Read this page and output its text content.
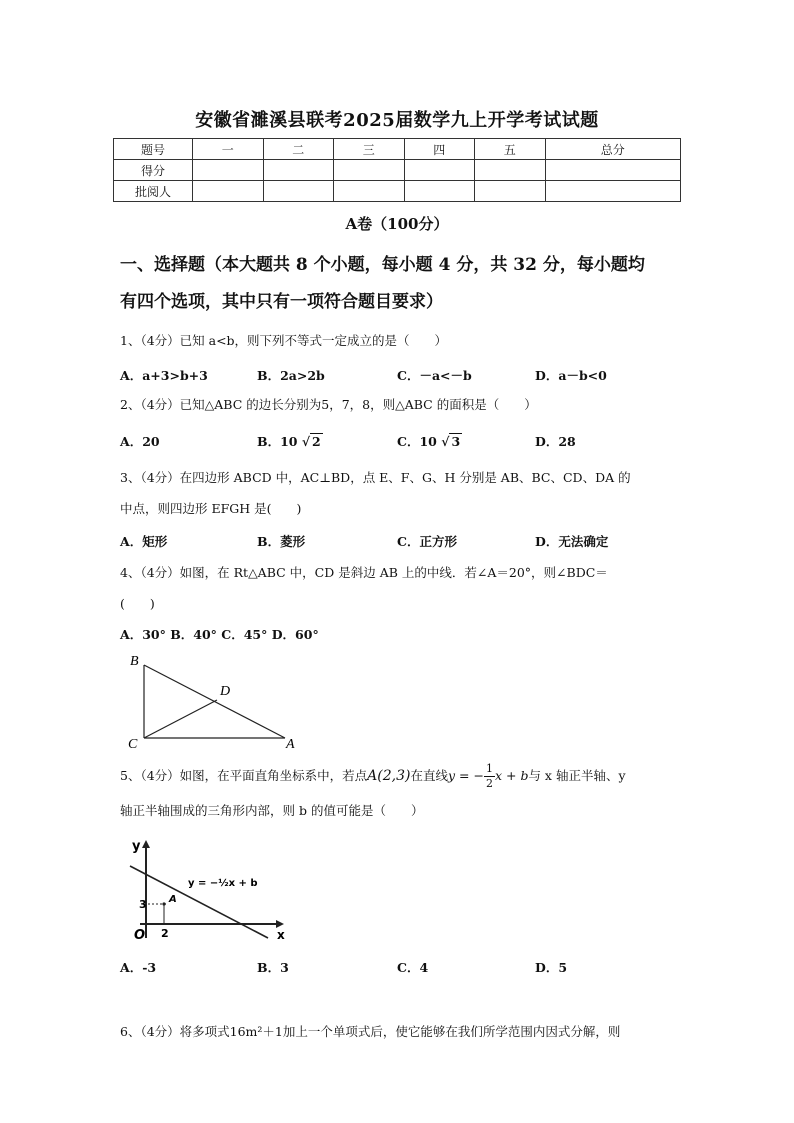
安徽省濉溪县联考2025届数学九上开学考试试题
题号	一	二	三	四	五	总分
得分						
批阅人						
A卷（100分）
一、选择题（本大题共 8 个小题，每小题 4 分，共 32 分，每小题均
有四个选项，其中只有一项符合题目要求）
1、（4分）已知 a<b，则下列不等式一定成立的是（　　）
A．a+3>b+3	B．2a>2b	C．－a<－b	D．a－b<0
2、（4分）已知△ABC 的边长分别为5，7，8，则△ABC 的面积是（　　）
A．20	B．10 √ 2	C．10 √ 3	D．28
3、（4分）在四边形 ABCD 中，AC⊥BD，点 E、F、G、H 分别是 AB、BC、CD、DA 的
中点，则四边形 EFGH 是(　　)
A．矩形	B．菱形	C．正方形	D．无法确定
4、（4分）如图，在 Rt△ABC 中，CD 是斜边 AB 上的中线．若∠A＝20°，则∠BDC＝
(　　)
A．30° B．40° C．45° D．60°
B
D
C	A
5、（4分）如图，在平面直角坐标系中，若点A(2,3)在直线y = − $\frac{1}{2}$ x + b与 x 轴正半轴、y
轴正半轴围成的三角形内部，则 b 的值可能是（　　）
y
x
O
3
2
A
y = −½x + b
A．-3	B．3	C．4	D．5
6、（4分）将多项式16m²＋1加上一个单项式后，使它能够在我们所学范围内因式分解，则
